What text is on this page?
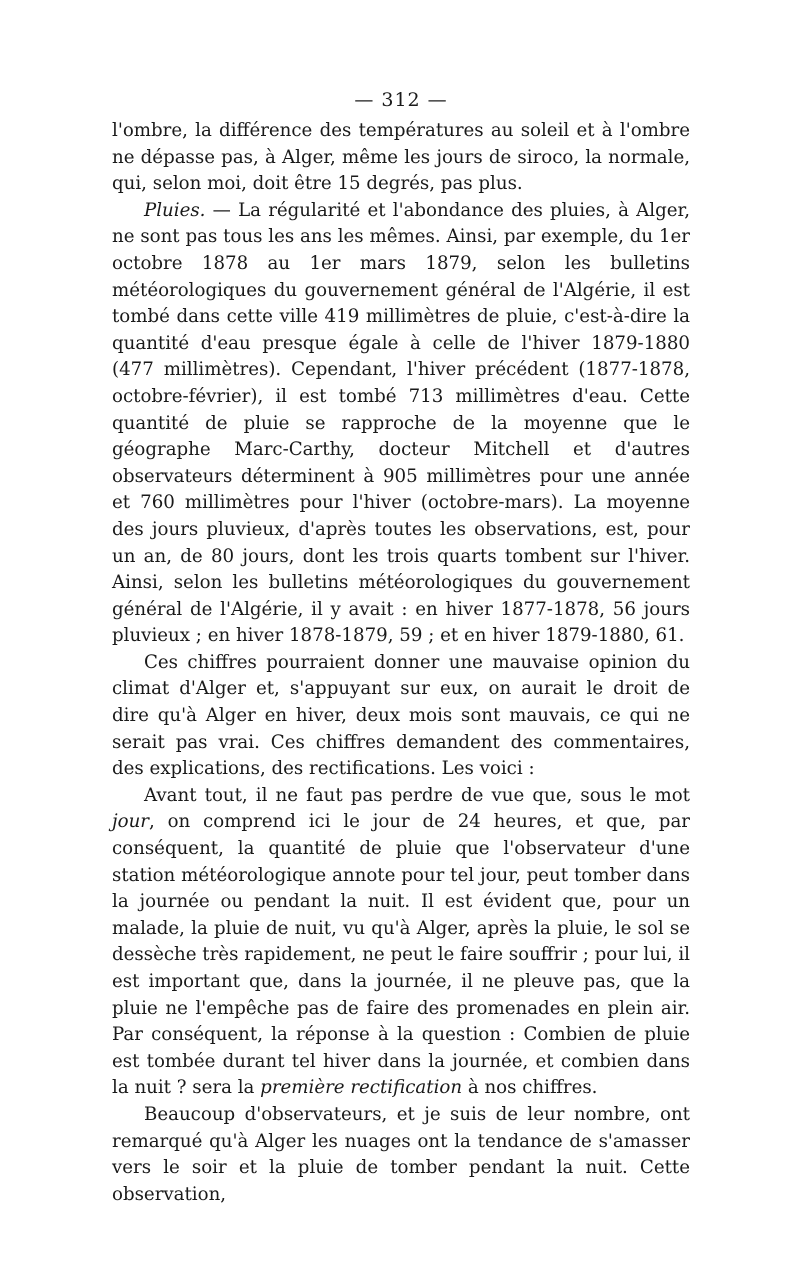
— 312 —

l'ombre, la différence des températures au soleil et à l'ombre ne dépasse pas, à Alger, même les jours de siroco, la normale, qui, selon moi, doit être 15 degrés, pas plus.

Pluies. — La régularité et l'abondance des pluies, à Alger, ne sont pas tous les ans les mêmes. Ainsi, par exemple, du 1er octobre 1878 au 1er mars 1879, selon les bulletins météorologiques du gouvernement général de l'Algérie, il est tombé dans cette ville 419 millimètres de pluie, c'est-à-dire la quantité d'eau presque égale à celle de l'hiver 1879-1880 (477 millimètres). Cependant, l'hiver précédent (1877-1878, octobre-février), il est tombé 713 millimètres d'eau. Cette quantité de pluie se rapproche de la moyenne que le géographe Marc-Carthy, docteur Mitchell et d'autres observateurs déterminent à 905 millimètres pour une année et 760 millimètres pour l'hiver (octobre-mars). La moyenne des jours pluvieux, d'après toutes les observations, est, pour un an, de 80 jours, dont les trois quarts tombent sur l'hiver. Ainsi, selon les bulletins météorologiques du gouvernement général de l'Algérie, il y avait : en hiver 1877-1878, 56 jours pluvieux ; en hiver 1878-1879, 59 ; et en hiver 1879-1880, 61.

Ces chiffres pourraient donner une mauvaise opinion du climat d'Alger et, s'appuyant sur eux, on aurait le droit de dire qu'à Alger en hiver, deux mois sont mauvais, ce qui ne serait pas vrai. Ces chiffres demandent des commentaires, des explications, des rectifications. Les voici :

Avant tout, il ne faut pas perdre de vue que, sous le mot jour, on comprend ici le jour de 24 heures, et que, par conséquent, la quantité de pluie que l'observateur d'une station météorologique annote pour tel jour, peut tomber dans la journée ou pendant la nuit. Il est évident que, pour un malade, la pluie de nuit, vu qu'à Alger, après la pluie, le sol se dessèche très rapidement, ne peut le faire souffrir ; pour lui, il est important que, dans la journée, il ne pleuve pas, que la pluie ne l'empêche pas de faire des promenades en plein air. Par conséquent, la réponse à la question : Combien de pluie est tombée durant tel hiver dans la journée, et combien dans la nuit ? sera la première rectification à nos chiffres.

Beaucoup d'observateurs, et je suis de leur nombre, ont remarqué qu'à Alger les nuages ont la tendance de s'amasser vers le soir et la pluie de tomber pendant la nuit. Cette observation,
